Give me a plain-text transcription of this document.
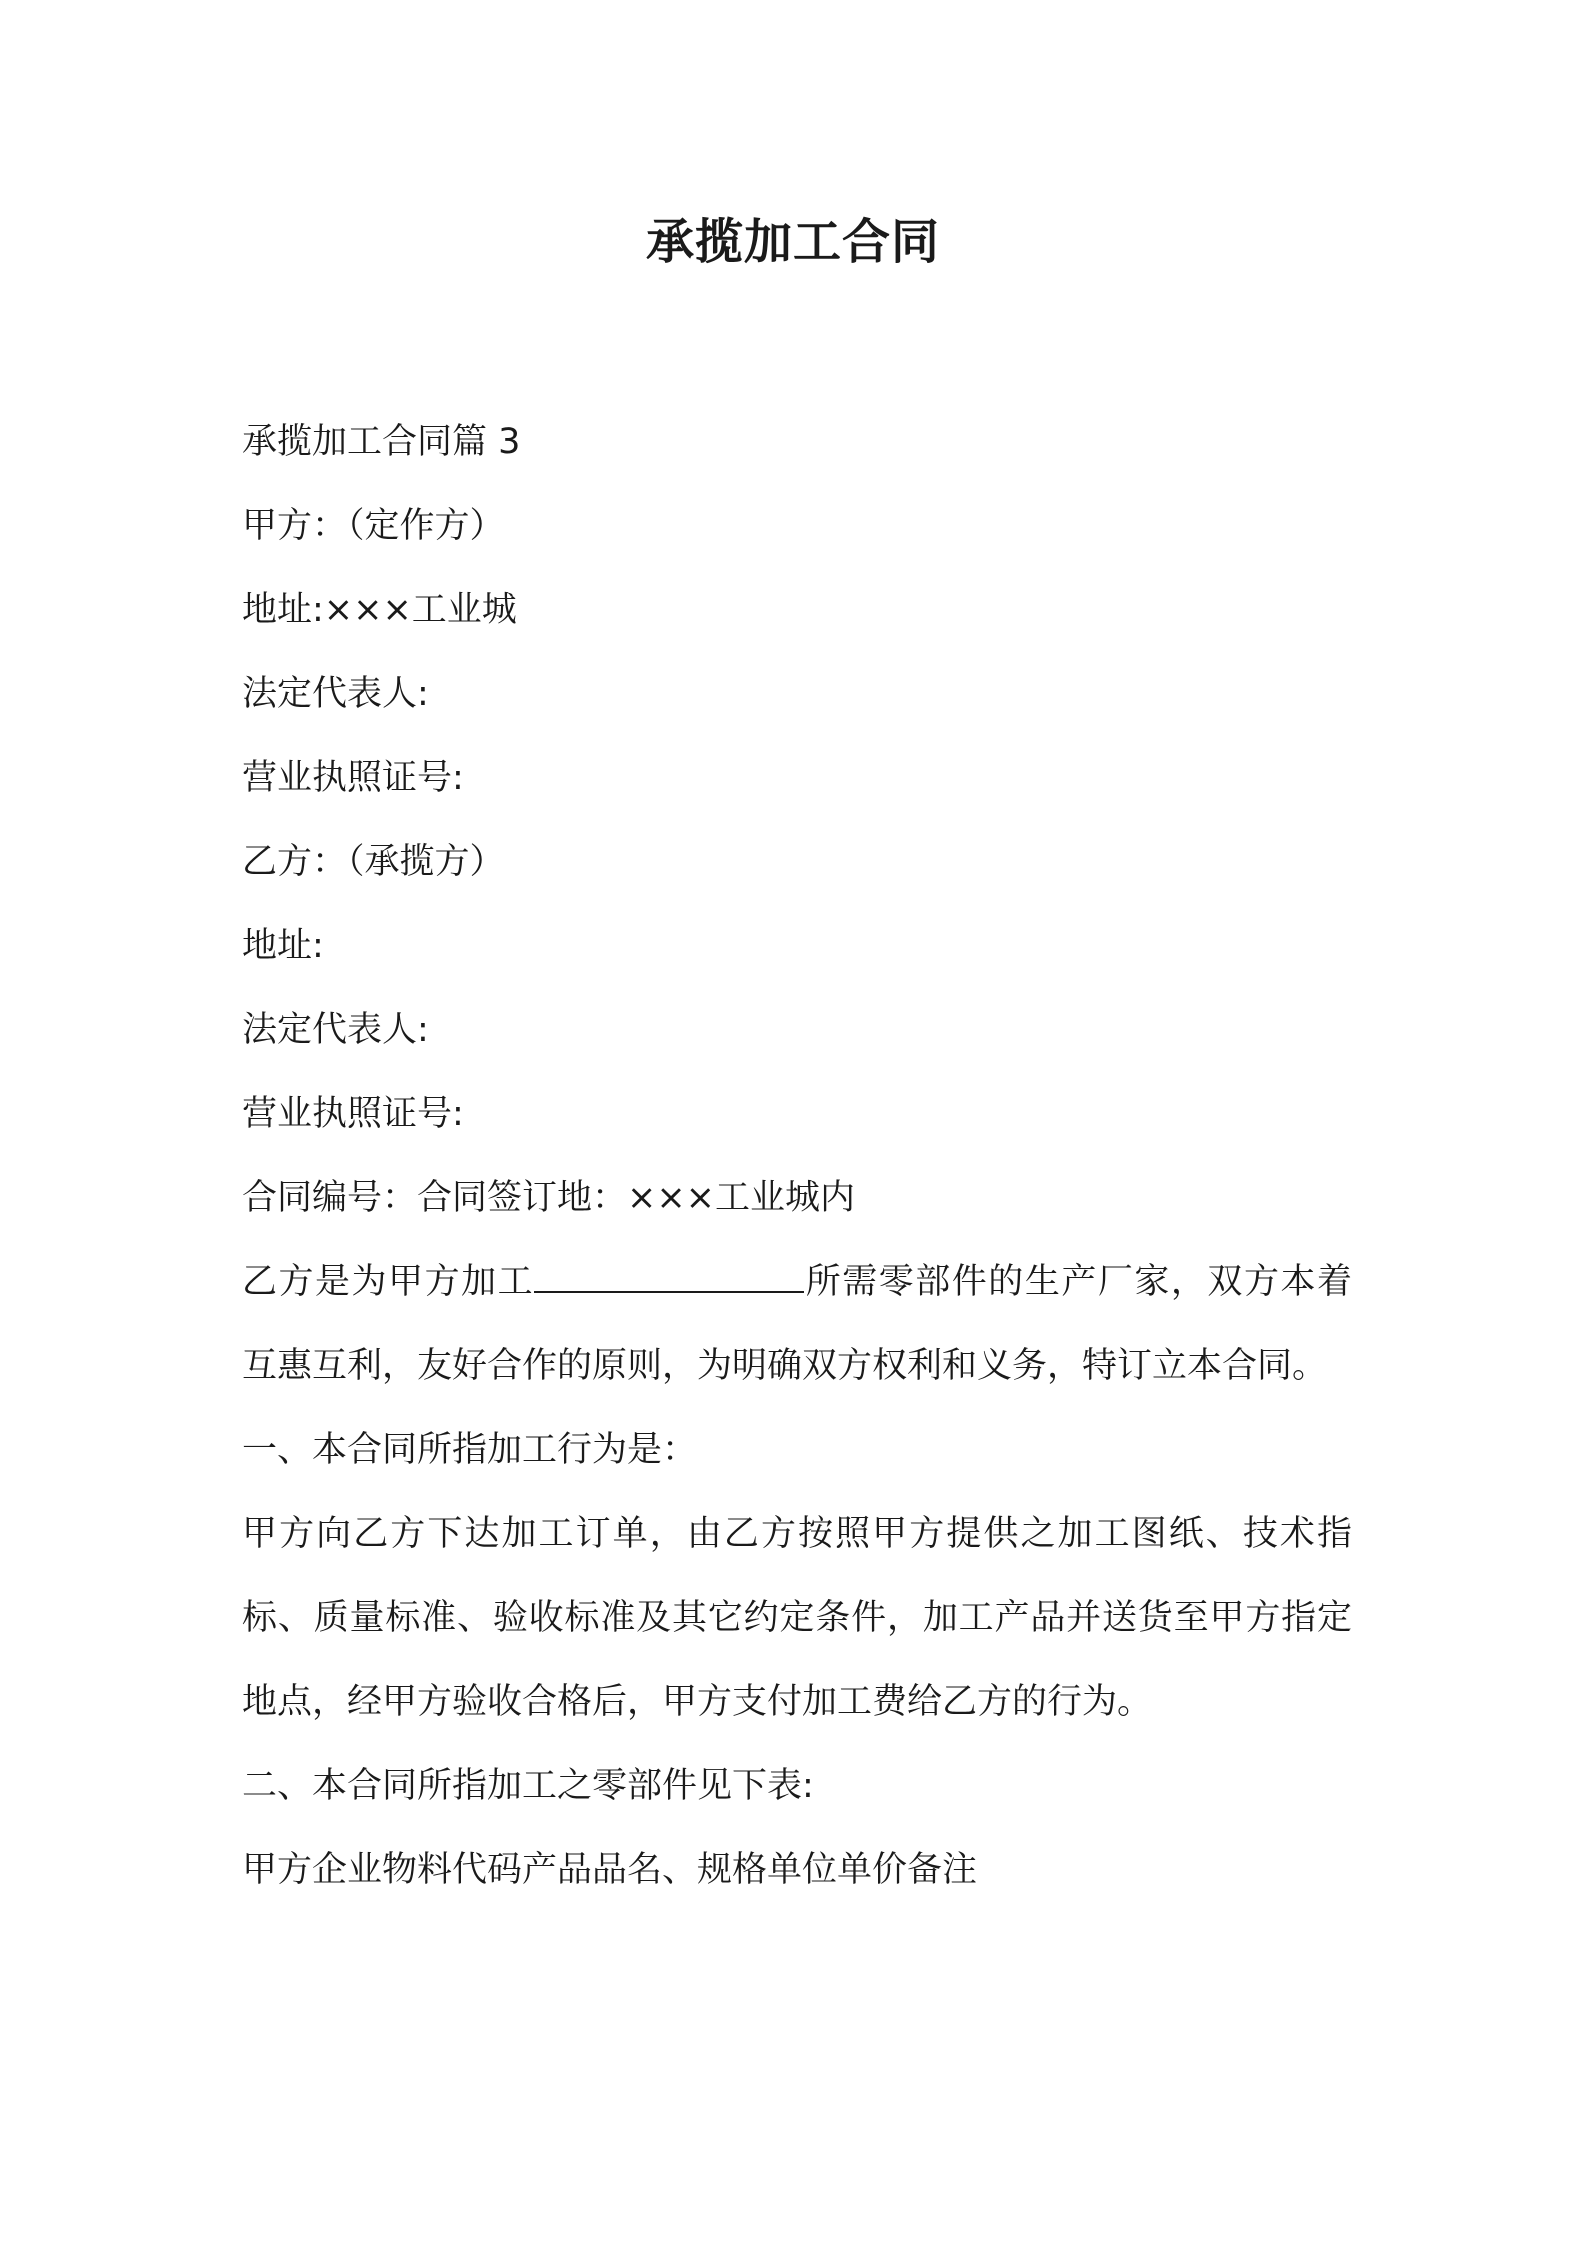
承揽加工合同
承揽加工合同篇 3
甲方：（定作方）
地址:×××工业城
法定代表人:
营业执照证号:
乙方：（承揽方）
地址:
法定代表人:
营业执照证号:
合同编号：合同签订地：×××工业城内
乙方是为甲方加工	所需零部件的生产厂家，双方本着互惠互利，友好合作的原则，为明确双方权利和义务，特订立本合同。
一、本合同所指加工行为是：
甲方向乙方下达加工订单，由乙方按照甲方提供之加工图纸、技术指标、质量标准、验收标准及其它约定条件，加工产品并送货至甲方指定地点，经甲方验收合格后，甲方支付加工费给乙方的行为。
二、本合同所指加工之零部件见下表:
甲方企业物料代码产品品名、规格单位单价备注
